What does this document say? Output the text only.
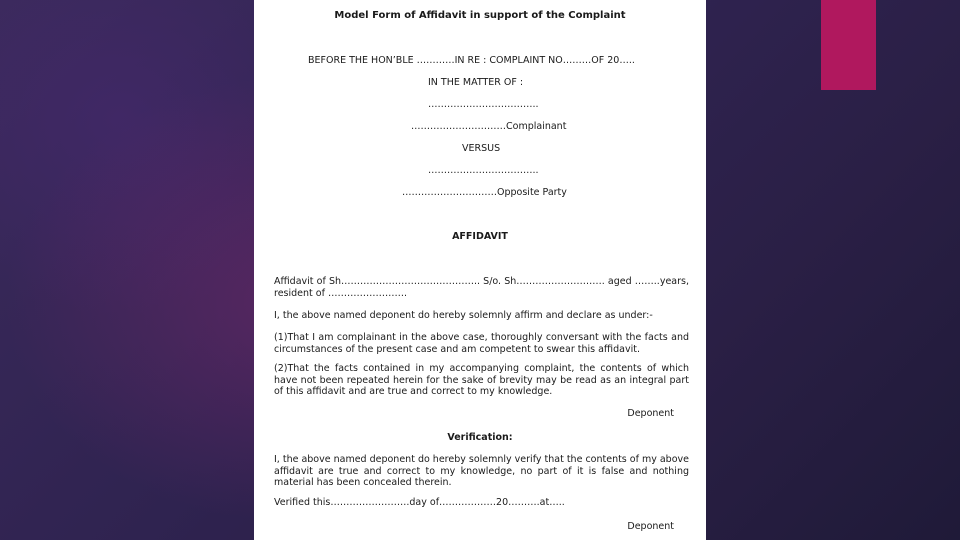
Model Form of Affidavit in support of the Complaint
BEFORE THE HON’BLE …………IN RE : COMPLAINT NO………OF 20…..
IN THE MATTER OF :
……………………………..
…………………………Complainant
VERSUS
……………………………..
…………………………Opposite Party
AFFIDAVIT
Affidavit of Sh…………………………………….. S/o. Sh………………………. aged ……..years,
resident of …………………….
I, the above named deponent do hereby solemnly affirm and declare as under:-
(1)That I am complainant in the above case, thoroughly conversant with the facts and circumstances of the present case and am competent to swear this affidavit.
(2)That the facts contained in my accompanying complaint, the contents of which have not been repeated herein for the sake of brevity may be read as an integral part of this affidavit and are true and correct to my knowledge.
Deponent
Verification:
I, the above named deponent do hereby solemnly verify that the contents of my above affidavit are true and correct to my knowledge, no part of it is false and nothing material has been concealed therein.
Verified this…………………….day of………………20……….at…..
Deponent
